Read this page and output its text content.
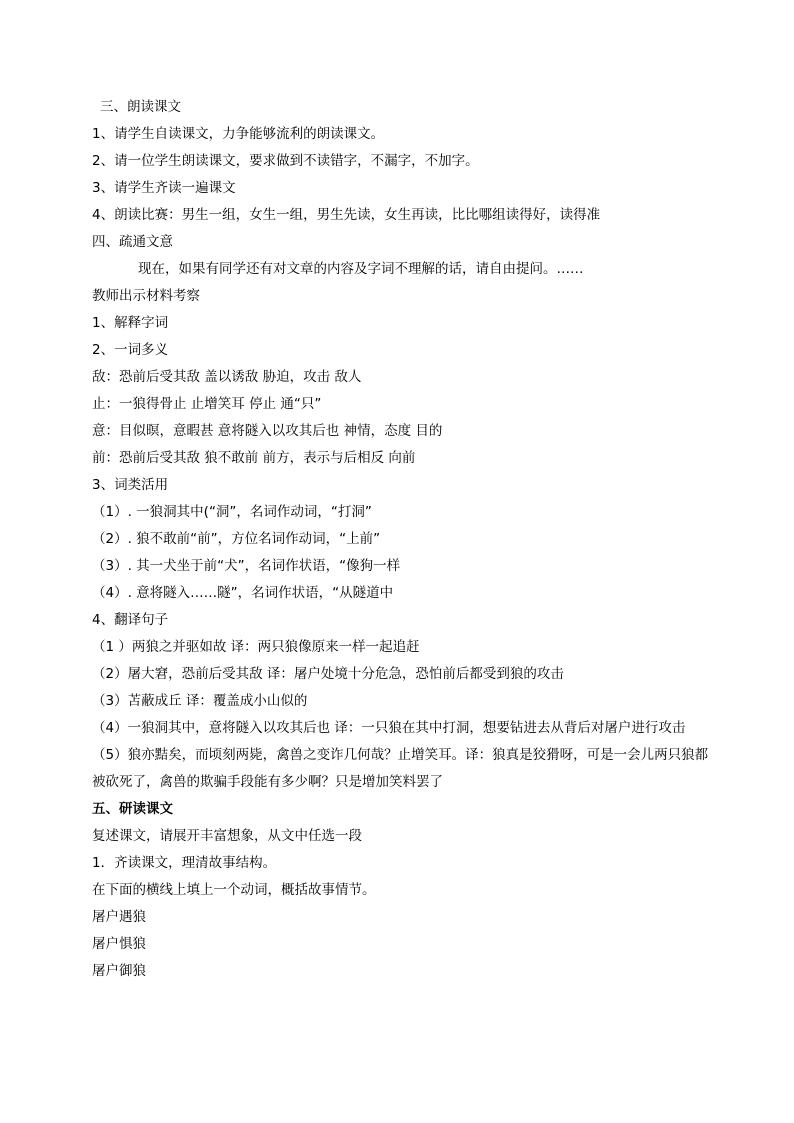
三、朗读课文

1、请学生自读课文，力争能够流利的朗读课文。

2、请一位学生朗读课文，要求做到不读错字，不漏字，不加字。

3、请学生齐读一遍课文

4、朗读比赛：男生一组，女生一组，男生先读，女生再读，比比哪组读得好，读得准

四、疏通文意

现在，如果有同学还有对文章的内容及字词不理解的话，请自由提问。……

教师出示材料考察

1、解释字词

2、一词多义

敌：恐前后受其敌 盖以诱敌 胁迫，攻击 敌人

止：一狼得骨止 止增笑耳 停止 通“只”

意：目似暝，意暇甚 意将隧入以攻其后也 神情，态度 目的

前：恐前后受其敌 狼不敢前 前方，表示与后相反 向前

3、词类活用

（1）. 一狼洞其中(“洞”，名词作动词，“打洞”

（2）. 狼不敢前“前”，方位名词作动词，“上前”

（3）. 其一犬坐于前“犬”，名词作状语，“像狗一样

（4）. 意将隧入……隧”，名词作状语，“从隧道中

4、翻译句子

（1 ）两狼之并驱如故 译：两只狼像原来一样一起追赶

（2）屠大窘，恐前后受其敌 译：屠户处境十分危急，恐怕前后都受到狼的攻击

（3）苫蔽成丘 译：覆盖成小山似的

（4）一狼洞其中，意将隧入以攻其后也 译：一只狼在其中打洞，想要钻进去从背后对屠户进行攻击

（5）狼亦黠矣，而顷刻两毙，禽兽之变诈几何哉？止增笑耳。译：狼真是狡猾呀，可是一会儿两只狼都被砍死了，禽兽的欺骗手段能有多少啊？只是增加笑料罢了

五、研读课文

复述课文，请展开丰富想象，从文中任选一段

1．齐读课文，理清故事结构。

在下面的横线上填上一个动词，概括故事情节。

屠户遇狼

屠户惧狼

屠户御狼
